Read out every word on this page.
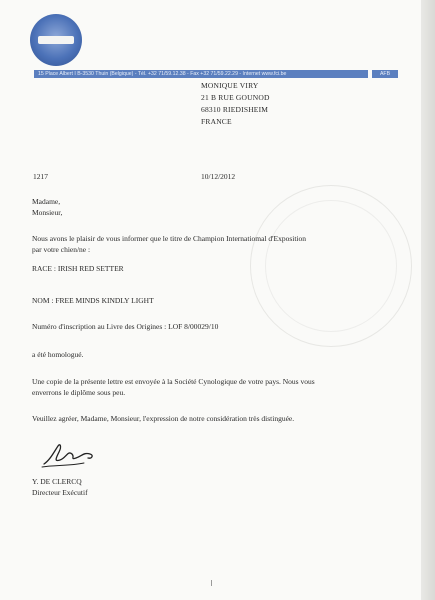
15 Place Albert I B-3530 Thuin (Belgique) - Tél. +32 71/59.12.38 - Fax +32 71/59.22.29 - Internet www.fci.be	AFB
MONIQUE VIRY
21 B RUE GOUNOD
68310 RIEDISHEIM
FRANCE
1217	10/12/2012
Madame,
Monsieur,
Nous avons le plaisir de vous informer que le titre de Champion Internatiomal d'Exposition par votre chien/ne :
RACE : IRISH RED SETTER
NOM : FREE MINDS KINDLY LIGHT
Numéro d'inscription au Livre des Origines : LOF 8/00029/10
a été homologué.
Une copie de la présente lettre est envoyée à la Société Cynologique de votre pays. Nous vous enverrons le diplôme sous peu.
Veuillez agréer, Madame, Monsieur, l'expression de notre considération très distinguée.
Y. DE CLERCQ
Directeur Exécutif
